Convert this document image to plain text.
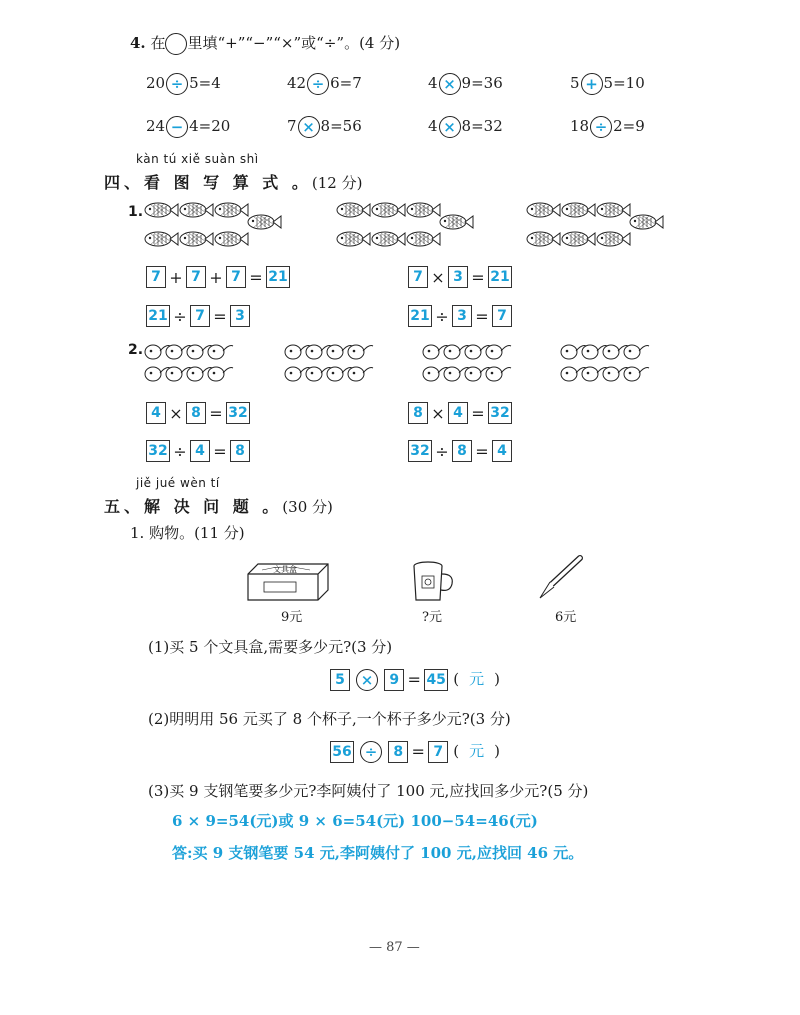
4. 在 里填“+”“−”“×”或“÷”。(4 分)
20 ÷ 5=4	42 ÷ 6=7	4 × 9=36	5 + 5=10
24 − 4=20	7 × 8=56	4 × 8=32	18 ÷ 2=9
kàn tú xiě suàn shì
四、看 图 写 算 式 。(12 分)
1.
7 + 7 + 7 = 21	7 × 3 = 21
21 ÷ 7 = 3	21 ÷ 3 = 7
2.
4 × 8 = 32	8 × 4 = 32
32 ÷ 4 = 8	32 ÷ 8 = 4
jiě jué wèn tí
五、解 决 问 题 。(30 分)
1. 购物。(11 分)
文具盒
9元	?元	6元
(1)买 5 个文具盒,需要多少元?(3 分)
5 × 9 = 45 ( 元 )
(2)明明用 56 元买了 8 个杯子,一个杯子多少元?(3 分)
56 ÷ 8 = 7 ( 元 )
(3)买 9 支钢笔要多少元?李阿姨付了 100 元,应找回多少元?(5 分)
6 × 9=54(元)或 9 × 6=54(元) 100−54=46(元)
答:买 9 支钢笔要 54 元,李阿姨付了 100 元,应找回 46 元。
— 87 —
